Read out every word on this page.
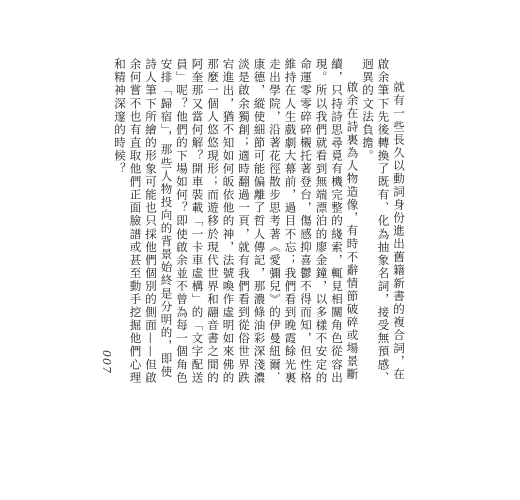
就有一些長久以動詞身份進出舊籍新書的複合詞，在啟余筆下先後轉換了既有、化為抽象名詞，接受無預感、迥異的文法負擔。

啟余在詩裏為人物造像，有時不辭情節破碎或場景斷續，只持詩思尋覓有機完整的綫索，輒見相關角色從容出現。所以我們就看到無端漂泊的廖金鐘，以多樣不安定的命運零零碎碎櫬托著登台，傷感抑喜鬱不得而知，但性格維持在人生戲劇大幕前，過目不忘；我們看到晚霞餘光裏走出學院，沿著花徑散步思考著《愛彌兒》的伊曼紐爾．康德，縱使細節可能偏離了哲人傳記，那濃條油彩深淺濃淡是啟余獨創；適時翻過一頁，就有我們看到從俗世界跌宕進出，猶不知如何皈依他的神，法號喚作虛明如來佛的那麼一個人悠悠現形；而遊移於現代世界和翮音書之間的阿奎那又當何解？開車裝載「一卡車虛構」的「文字配送員」呢？他們的下場如何？即使啟余並不曾為每一個角色安排「歸宿」，那些人物投向的背景始終是分明的，即使詩人筆下所繪的形象可能也只採他們個別的側面——但啟余何嘗不也有直取他們正面臉譜或甚至動手挖掘他們心理和精神深邃的時候？

007
